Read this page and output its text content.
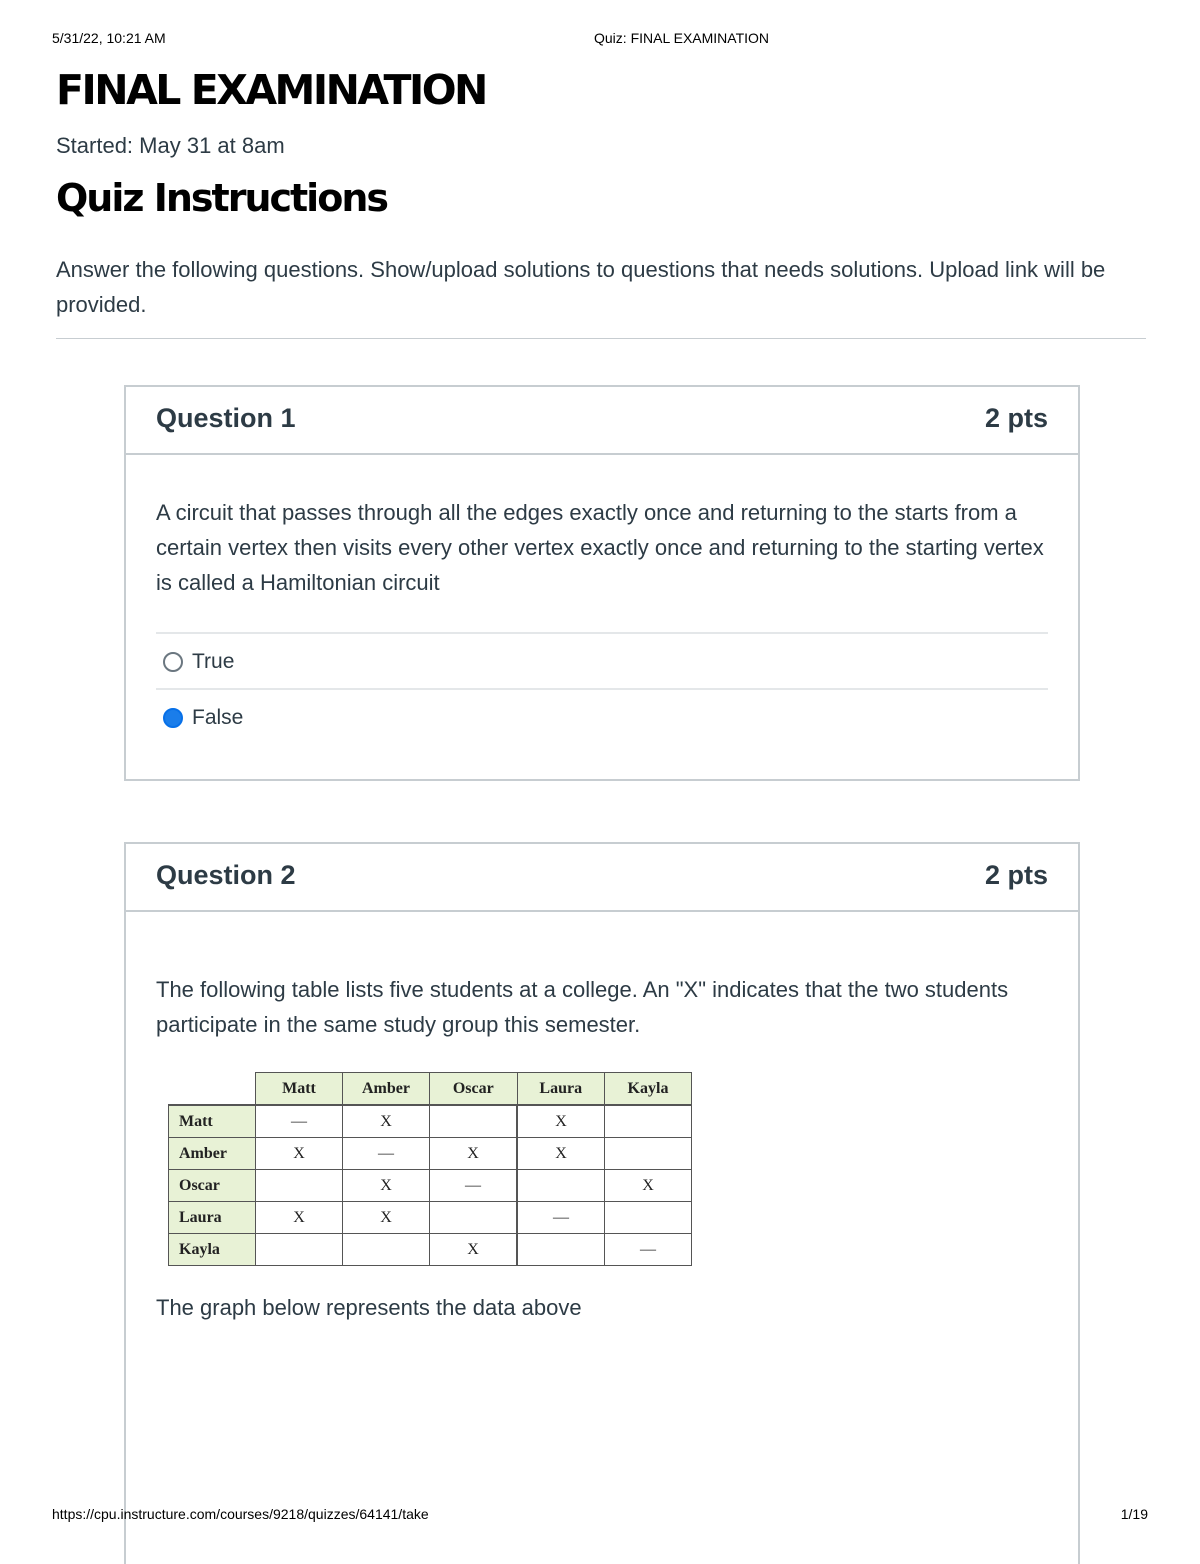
5/31/22, 10:21 AM	Quiz: FINAL EXAMINATION
FINAL EXAMINATION
Started: May 31 at 8am
Quiz Instructions
Answer the following questions. Show/upload solutions to questions that needs solutions. Upload link will be provided.
Question 1	2 pts
A circuit that passes through all the edges exactly once and returning to the starts from a certain vertex then visits every other vertex exactly once and returning to the starting vertex is called a Hamiltonian circuit
True
False
Question 2	2 pts
The following table lists five students at a college. An "X" indicates that the two students participate in the same study group this semester.
	Matt	Amber	Oscar	Laura	Kayla
Matt	—	X		X	
Amber	X	—	X	X	
Oscar		X	—		X
Laura	X	X		—	
Kayla			X		—
The graph below represents the data above
https://cpu.instructure.com/courses/9218/quizzes/64141/take	1/19
